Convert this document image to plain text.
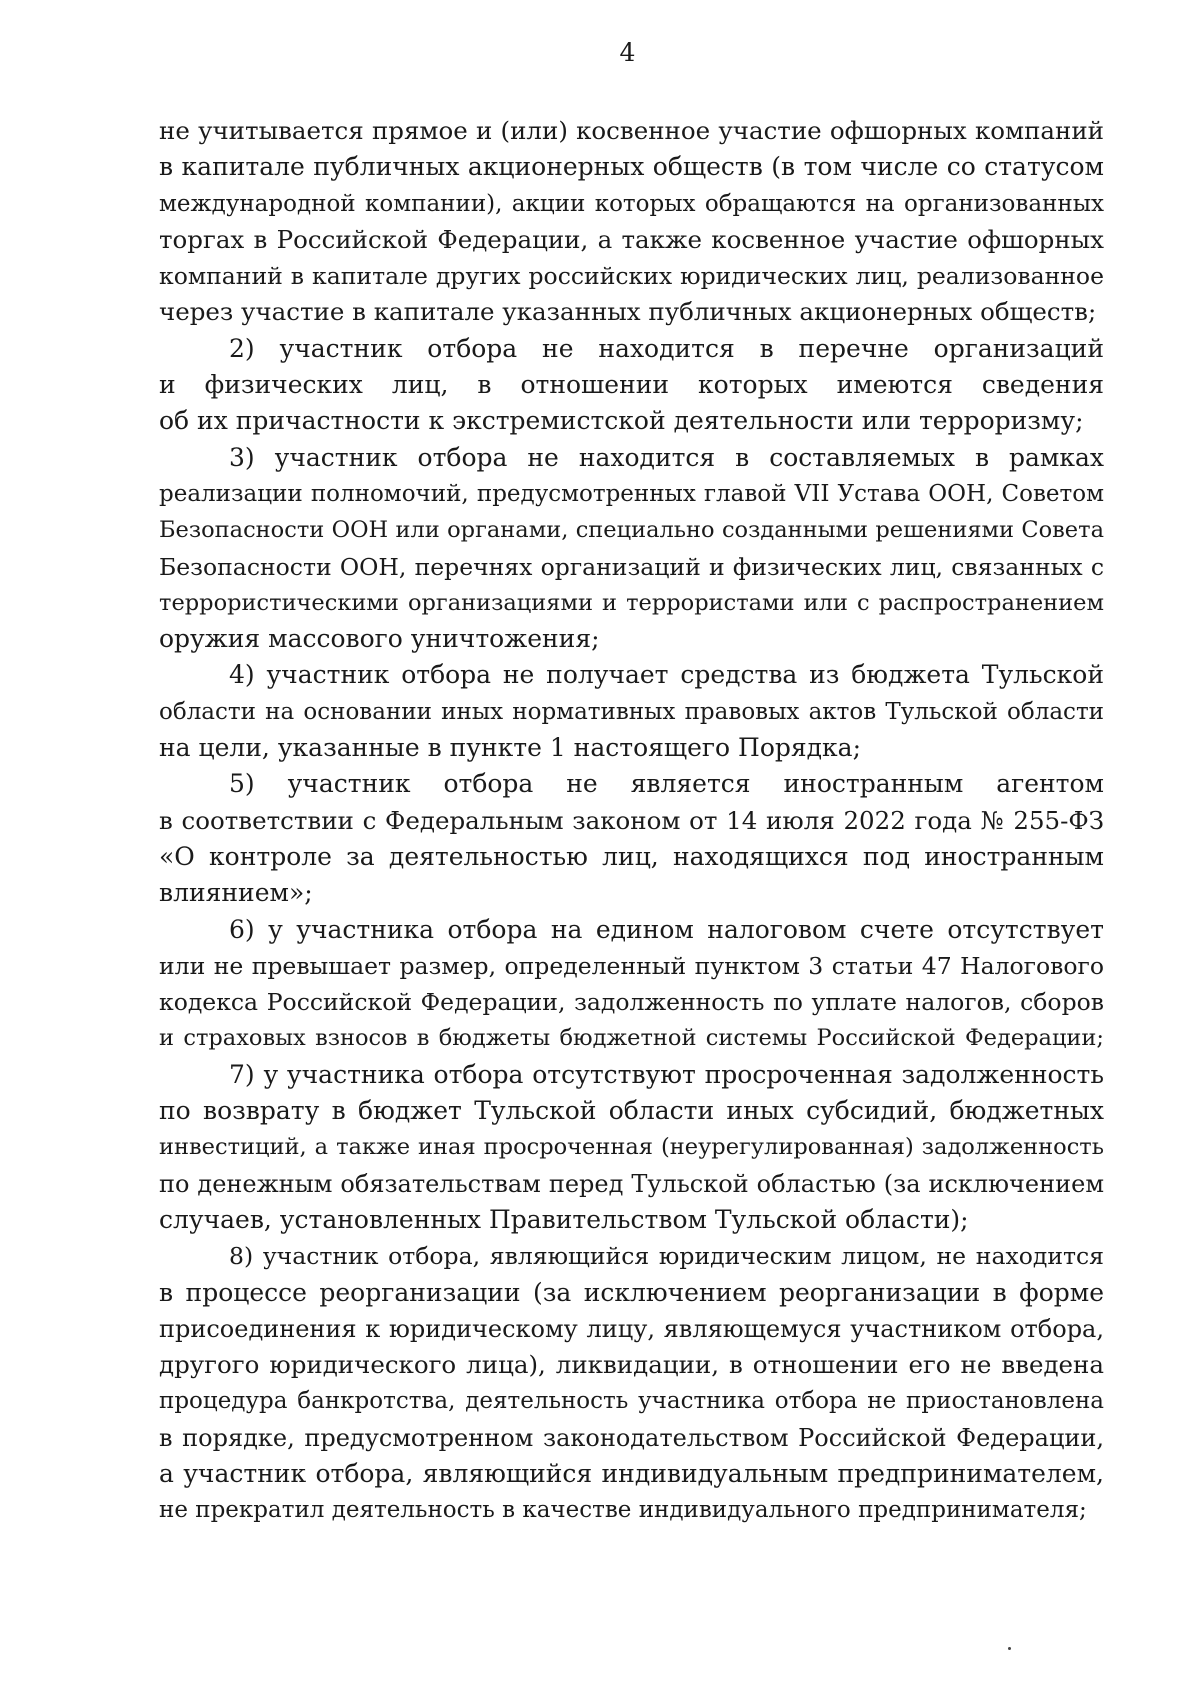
4
не учитывается прямое и (или) косвенное участие офшорных компаний
в капитале публичных акционерных обществ (в том числе со статусом
международной компании), акции которых обращаются на организованных
торгах в Российской Федерации, а также косвенное участие офшорных
компаний в капитале других российских юридических лиц, реализованное
через участие в капитале указанных публичных акционерных обществ;
2) участник отбора не находится в перечне организаций
и физических лиц, в отношении которых имеются сведения
об их причастности к экстремистской деятельности или терроризму;
3) участник отбора не находится в составляемых в рамках
реализации полномочий, предусмотренных главой VII Устава ООН, Советом
Безопасности ООН или органами, специально созданными решениями Совета
Безопасности ООН, перечнях организаций и физических лиц, связанных с
террористическими организациями и террористами или с распространением
оружия массового уничтожения;
4) участник отбора не получает средства из бюджета Тульской
области на основании иных нормативных правовых актов Тульской области
на цели, указанные в пункте 1 настоящего Порядка;
5) участник отбора не является иностранным агентом
в соответствии с Федеральным законом от 14 июля 2022 года № 255-ФЗ
«О контроле за деятельностью лиц, находящихся под иностранным
влиянием»;
6) у участника отбора на едином налоговом счете отсутствует
или не превышает размер, определенный пунктом 3 статьи 47 Налогового
кодекса Российской Федерации, задолженность по уплате налогов, сборов
и страховых взносов в бюджеты бюджетной системы Российской Федерации;
7) у участника отбора отсутствуют просроченная задолженность
по возврату в бюджет Тульской области иных субсидий, бюджетных
инвестиций, а также иная просроченная (неурегулированная) задолженность
по денежным обязательствам перед Тульской областью (за исключением
случаев, установленных Правительством Тульской области);
8) участник отбора, являющийся юридическим лицом, не находится
в процессе реорганизации (за исключением реорганизации в форме
присоединения к юридическому лицу, являющемуся участником отбора,
другого юридического лица), ликвидации, в отношении его не введена
процедура банкротства, деятельность участника отбора не приостановлена
в порядке, предусмотренном законодательством Российской Федерации,
а участник отбора, являющийся индивидуальным предпринимателем,
не прекратил деятельность в качестве индивидуального предпринимателя;
